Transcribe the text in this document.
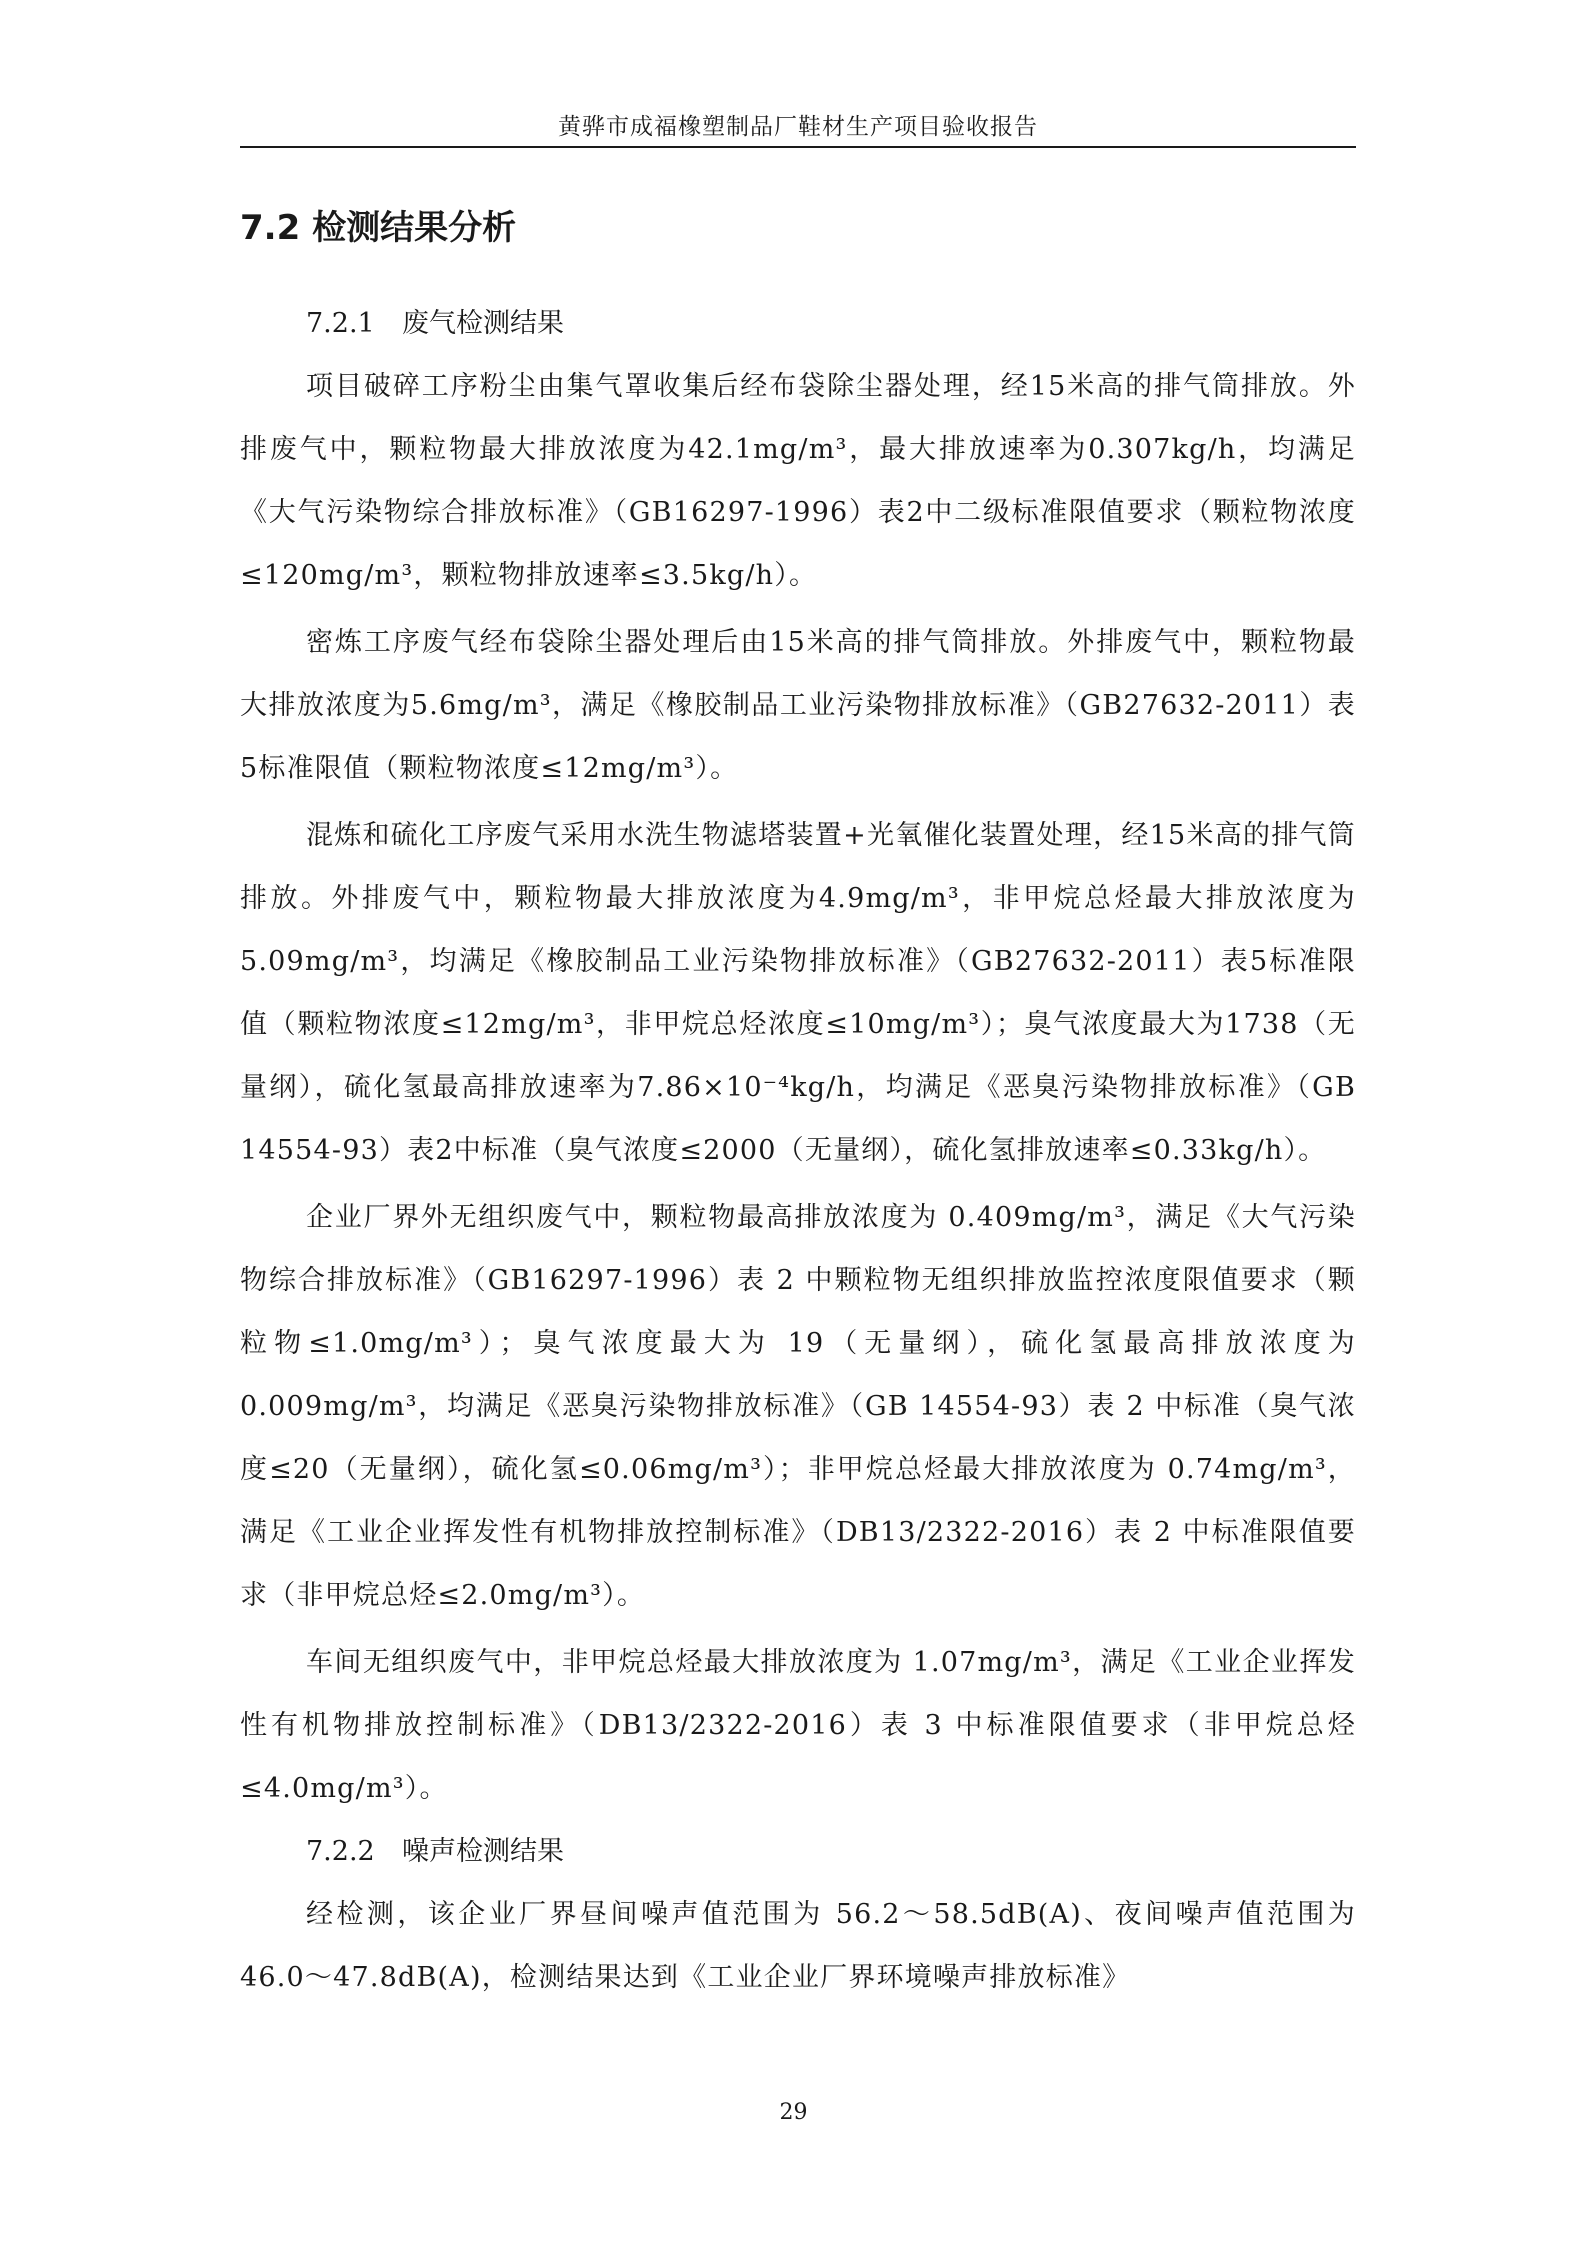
黄骅市成福橡塑制品厂鞋材生产项目验收报告
7.2 检测结果分析

7.2.1 废气检测结果

项目破碎工序粉尘由集气罩收集后经布袋除尘器处理，经15米高的排气筒排放。外排废气中，颗粒物最大排放浓度为42.1mg/m³，最大排放速率为0.307kg/h，均满足《大气污染物综合排放标准》（GB16297-1996）表2中二级标准限值要求（颗粒物浓度≤120mg/m³，颗粒物排放速率≤3.5kg/h）。

密炼工序废气经布袋除尘器处理后由15米高的排气筒排放。外排废气中，颗粒物最大排放浓度为5.6mg/m³，满足《橡胶制品工业污染物排放标准》（GB27632-2011）表5标准限值（颗粒物浓度≤12mg/m³）。

混炼和硫化工序废气采用水洗生物滤塔装置+光氧催化装置处理，经15米高的排气筒排放。外排废气中，颗粒物最大排放浓度为4.9mg/m³，非甲烷总烃最大排放浓度为5.09mg/m³，均满足《橡胶制品工业污染物排放标准》（GB27632-2011）表5标准限值（颗粒物浓度≤12mg/m³，非甲烷总烃浓度≤10mg/m³）；臭气浓度最大为1738（无量纲），硫化氢最高排放速率为7.86×10⁻⁴kg/h，均满足《恶臭污染物排放标准》（GB 14554-93）表2中标准（臭气浓度≤2000（无量纲），硫化氢排放速率≤0.33kg/h）。

企业厂界外无组织废气中，颗粒物最高排放浓度为 0.409mg/m³，满足《大气污染物综合排放标准》（GB16297-1996）表 2 中颗粒物无组织排放监控浓度限值要求（颗粒物≤1.0mg/m³）；臭气浓度最大为 19（无量纲），硫化氢最高排放浓度为 0.009mg/m³，均满足《恶臭污染物排放标准》（GB 14554-93）表 2 中标准（臭气浓度≤20（无量纲），硫化氢≤0.06mg/m³）；非甲烷总烃最大排放浓度为 0.74mg/m³，满足《工业企业挥发性有机物排放控制标准》（DB13/2322-2016）表 2 中标准限值要求（非甲烷总烃≤2.0mg/m³）。

车间无组织废气中，非甲烷总烃最大排放浓度为 1.07mg/m³，满足《工业企业挥发性有机物排放控制标准》（DB13/2322-2016）表 3 中标准限值要求（非甲烷总烃≤4.0mg/m³）。

7.2.2 噪声检测结果

经检测，该企业厂界昼间噪声值范围为 56.2～58.5dB(A)、夜间噪声值范围为 46.0～47.8dB(A)，检测结果达到《工业企业厂界环境噪声排放标准》

29
